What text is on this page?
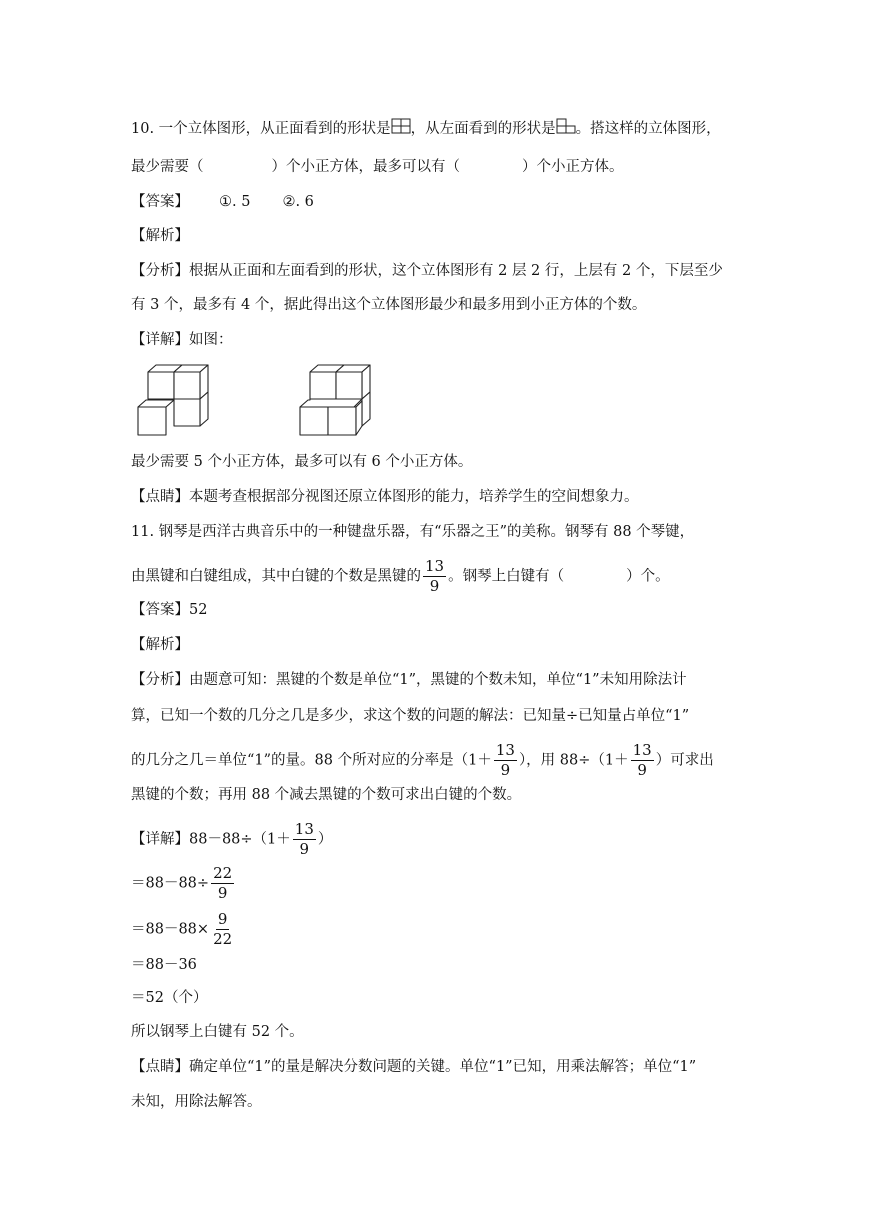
10. 一个立体图形，从正面看到的形状是 ，从左面看到的形状是 。搭这样的立体图形，
最少需要（	）个小正方体，最多可以有（	）个小正方体。
【答案】 ①. 5 ②. 6
【解析】
【分析】根据从正面和左面看到的形状，这个立体图形有 2 层 2 行，上层有 2 个，下层至少
有 3 个，最多有 4 个，据此得出这个立体图形最少和最多用到小正方体的个数。
【详解】如图：
最少需要 5 个小正方体，最多可以有 6 个小正方体。
【点睛】本题考查根据部分视图还原立体图形的能力，培养学生的空间想象力。
11. 钢琴是西洋古典音乐中的一种键盘乐器，有“乐器之王”的美称。钢琴有 88 个琴键，
由黑键和白键组成，其中白键的个数是黑键的 $\frac{13}{9}$ 。钢琴上白键有（	）个。
【答案】52
【解析】
【分析】由题意可知：黑键的个数是单位“1”，黑键的个数未知，单位“1”未知用除法计
算，已知一个数的几分之几是多少，求这个数的问题的解法：已知量÷已知量占单位“1”
的几分之几＝单位“1”的量。88 个所对应的分率是（$1+ \frac{13}{9}$ ），用 $88\div(1+ \frac{13}{9}$ ）可求出
黑键的个数；再用 88 个减去黑键的个数可求出白键的个数。
【详解】$88-88\div(1+ \frac{13}{9}$ ）
$=88-88\div \frac{22}{9}$
$=88-88\times \frac{9}{22}$
＝88－36
＝52（个）
所以钢琴上白键有 52 个。
【点睛】确定单位“1”的量是解决分数问题的关键。单位“1”已知，用乘法解答；单位“1”
未知，用除法解答。
